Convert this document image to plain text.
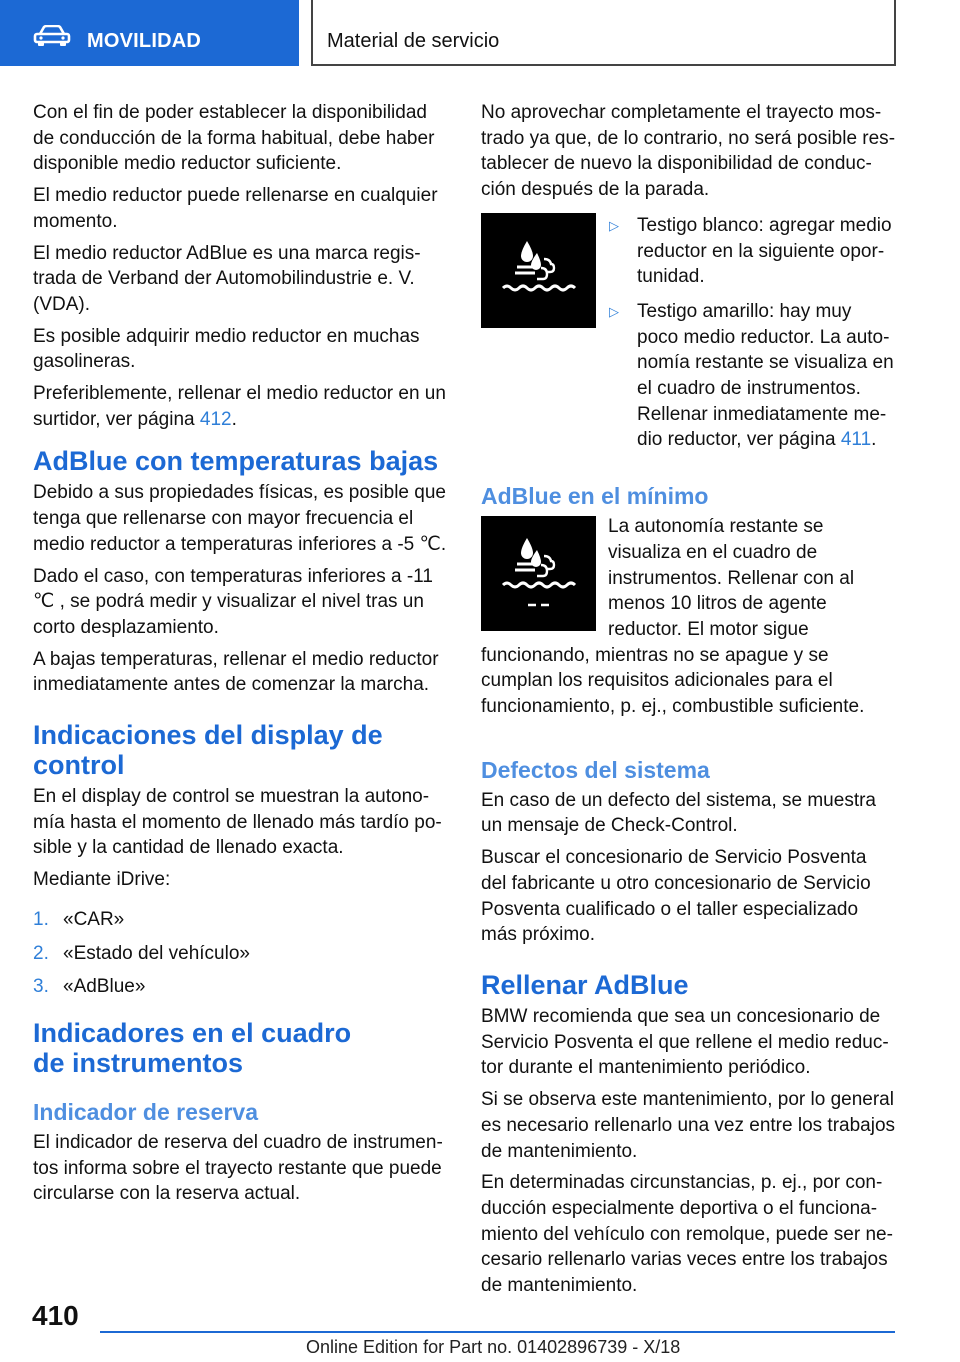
MOVILIDAD	Material de servicio

Con el fin de poder establecer la disponibilidad de conducción de la forma habitual, debe haber disponible medio reductor suficiente.

El medio reductor puede rellenarse en cualquier momento.

El medio reductor AdBlue es una marca registrada de Verband der Automobilindustrie e. V. (VDA).

Es posible adquirir medio reductor en muchas gasolineras.

Preferiblemente, rellenar el medio reductor en un surtidor, ver página 412.

AdBlue con temperaturas bajas

Debido a sus propiedades físicas, es posible que tenga que rellenarse con mayor frecuencia el medio reductor a temperaturas inferiores a -5 ℃.

Dado el caso, con temperaturas inferiores a -11 ℃ , se podrá medir y visualizar el nivel tras un corto desplazamiento.

A bajas temperaturas, rellenar el medio reductor inmediatamente antes de comenzar la marcha.

Indicaciones del display de control

En el display de control se muestran la autonomía hasta el momento de llenado más tardío posible y la cantidad de llenado exacta.

Mediante iDrive:

1. «CAR»
2. «Estado del vehículo»
3. «AdBlue»
Indicadores en el cuadro
de instrumentos
Indicador de reserva

El indicador de reserva del cuadro de instrumentos informa sobre el trayecto restante que puede circularse con la reserva actual.

No aprovechar completamente el trayecto mostrado ya que, de lo contrario, no será posible restablecer de nuevo la disponibilidad de conducción después de la parada.

▷ Testigo blanco: agregar medio reductor en la siguiente oportunidad.
▷ Testigo amarillo: hay muy poco medio reductor. La autonomía restante se visualiza en el cuadro de instrumentos. Rellenar inmediatamente medio reductor, ver página 411.
AdBlue en el mínimo

La autonomía restante se visualiza en el cuadro de instrumentos. Rellenar con al menos 10 litros de agente reductor. El motor sigue funcionando, mientras no se apague y se cumplan los requisitos adicionales para el funcionamiento, p. ej., combustible suficiente.

Defectos del sistema

En caso de un defecto del sistema, se muestra un mensaje de Check-Control.

Buscar el concesionario de Servicio Posventa del fabricante u otro concesionario de Servicio Posventa cualificado o el taller especializado más próximo.

Rellenar AdBlue

BMW recomienda que sea un concesionario de Servicio Posventa el que rellene el medio reductor durante el mantenimiento periódico.

Si se observa este mantenimiento, por lo general es necesario rellenarlo una vez entre los trabajos de mantenimiento.

En determinadas circunstancias, p. ej., por conducción especialmente deportiva o el funcionamiento del vehículo con remolque, puede ser necesario rellenarlo varias veces entre los trabajos de mantenimiento.

410
Online Edition for Part no. 01402896739 - X/18
